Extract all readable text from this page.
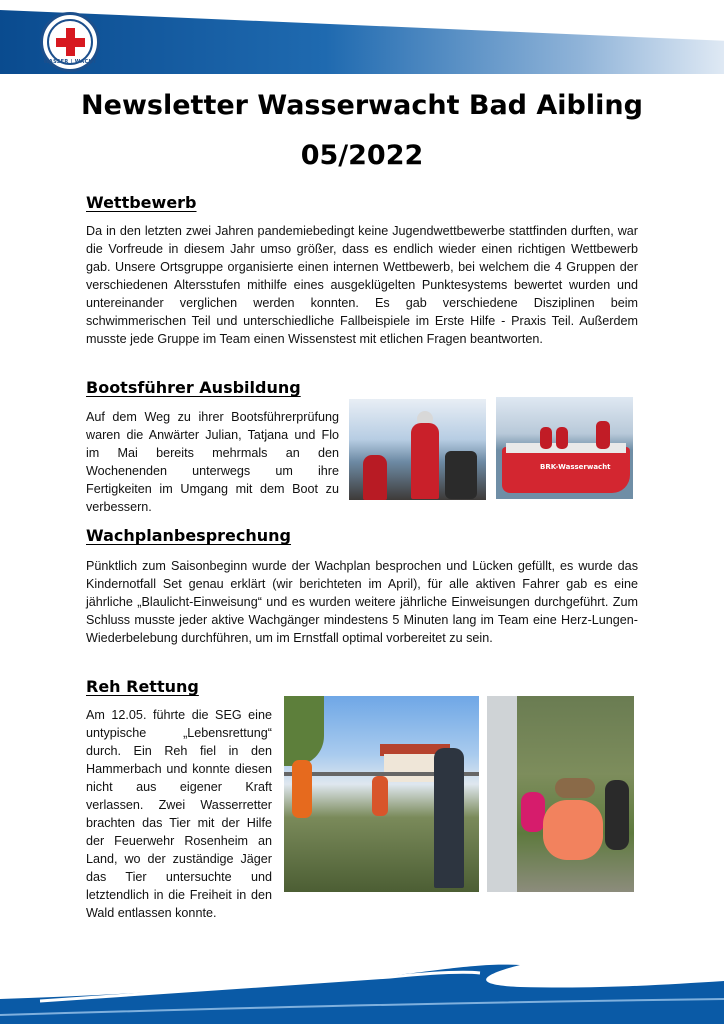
WASSER | WACHT
Newsletter Wasserwacht Bad Aibling
05/2022
Wettbewerb

Da in den letzten zwei Jahren pandemiebedingt keine Jugendwettbewerbe stattfinden durften, war die Vorfreude in diesem Jahr umso größer, dass es endlich wieder einen richtigen Wettbewerb gab. Unsere Ortsgruppe organisierte einen internen Wettbewerb, bei welchem die 4 Gruppen der verschiedenen Altersstufen mithilfe eines ausgeklügelten Punktesystems bewertet wurden und untereinander verglichen werden konnten. Es gab verschiedene Disziplinen beim schwimmerischen Teil und unterschiedliche Fallbeispiele im Erste Hilfe - Praxis Teil. Außerdem musste jede Gruppe im Team einen Wissenstest mit etlichen Fragen beantworten.

Bootsführer Ausbildung

Auf dem Weg zu ihrer Bootsführerprüfung waren die Anwärter Julian, Tatjana und Flo im Mai bereits mehrmals an den Wochenenden unterwegs um ihre Fertigkeiten im Umgang mit dem Boot zu verbessern.

BRK-Wasserwacht
Wachplanbesprechung

Pünktlich zum Saisonbeginn wurde der Wachplan besprochen und Lücken gefüllt, es wurde das Kindernotfall Set genau erklärt (wir berichteten im April), für alle aktiven Fahrer gab es eine jährliche „Blaulicht-Einweisung“ und es wurden weitere jährliche Einweisungen durchgeführt. Zum Schluss musste jeder aktive Wachgänger mindestens 5 Minuten lang im Team eine Herz-Lungen-Wiederbelebung durchführen, um im Ernstfall optimal vorbereitet zu sein.

Reh Rettung

Am 12.05. führte die SEG eine untypische „Lebensrettung“ durch. Ein Reh fiel in den Hammerbach und konnte diesen nicht aus eigener Kraft verlassen. Zwei Wasserretter brachten das Tier mit der Hilfe der Feuerwehr Rosenheim an Land, wo der zuständige Jäger das Tier untersuchte und letztendlich in die Freiheit in den Wald entlassen konnte.
